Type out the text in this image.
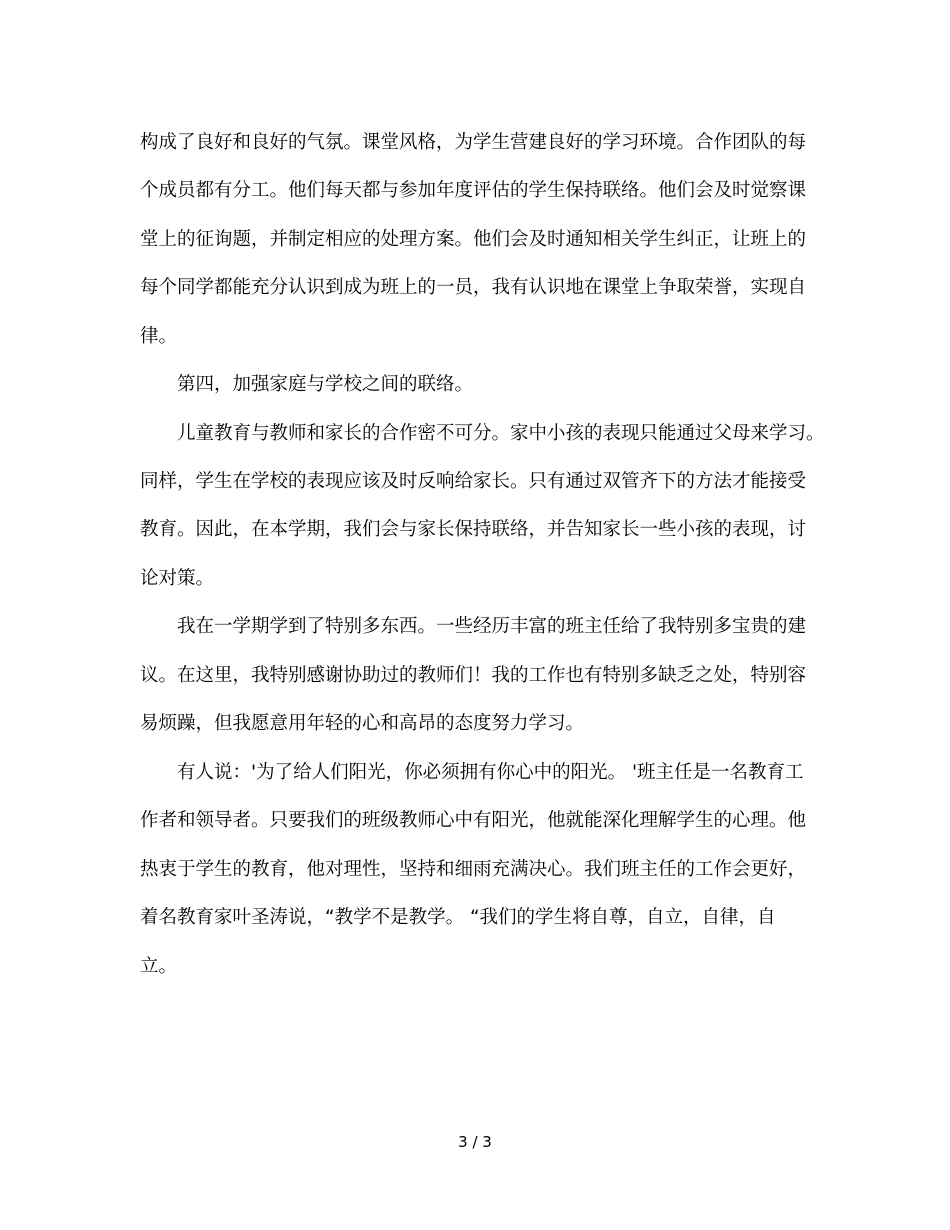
构成了良好和良好的气氛。课堂风格，为学生营建良好的学习环境。合作团队的每

个成员都有分工。他们每天都与参加年度评估的学生保持联络。他们会及时觉察课

堂上的征询题，并制定相应的处理方案。他们会及时通知相关学生纠正，让班上的

每个同学都能充分认识到成为班上的一员，我有认识地在课堂上争取荣誉，实现自

律。

第四，加强家庭与学校之间的联络。

儿童教育与教师和家长的合作密不可分。家中小孩的表现只能通过父母来学习。

同样，学生在学校的表现应该及时反响给家长。只有通过双管齐下的方法才能接受

教育。因此，在本学期，我们会与家长保持联络，并告知家长一些小孩的表现，讨

论对策。

我在一学期学到了特别多东西。一些经历丰富的班主任给了我特别多宝贵的建

议。在这里，我特别感谢协助过的教师们！我的工作也有特别多缺乏之处，特别容

易烦躁，但我愿意用年轻的心和高昂的态度努力学习。

有人说：'为了给人们阳光，你必须拥有你心中的阳光。 '班主任是一名教育工

作者和领导者。只要我们的班级教师心中有阳光，他就能深化理解学生的心理。他

热衷于学生的教育，他对理性，坚持和细雨充满决心。我们班主任的工作会更好，

着名教育家叶圣涛说，“教学不是教学。 “我们的学生将自尊，自立，自律，自

立。

3 / 3
